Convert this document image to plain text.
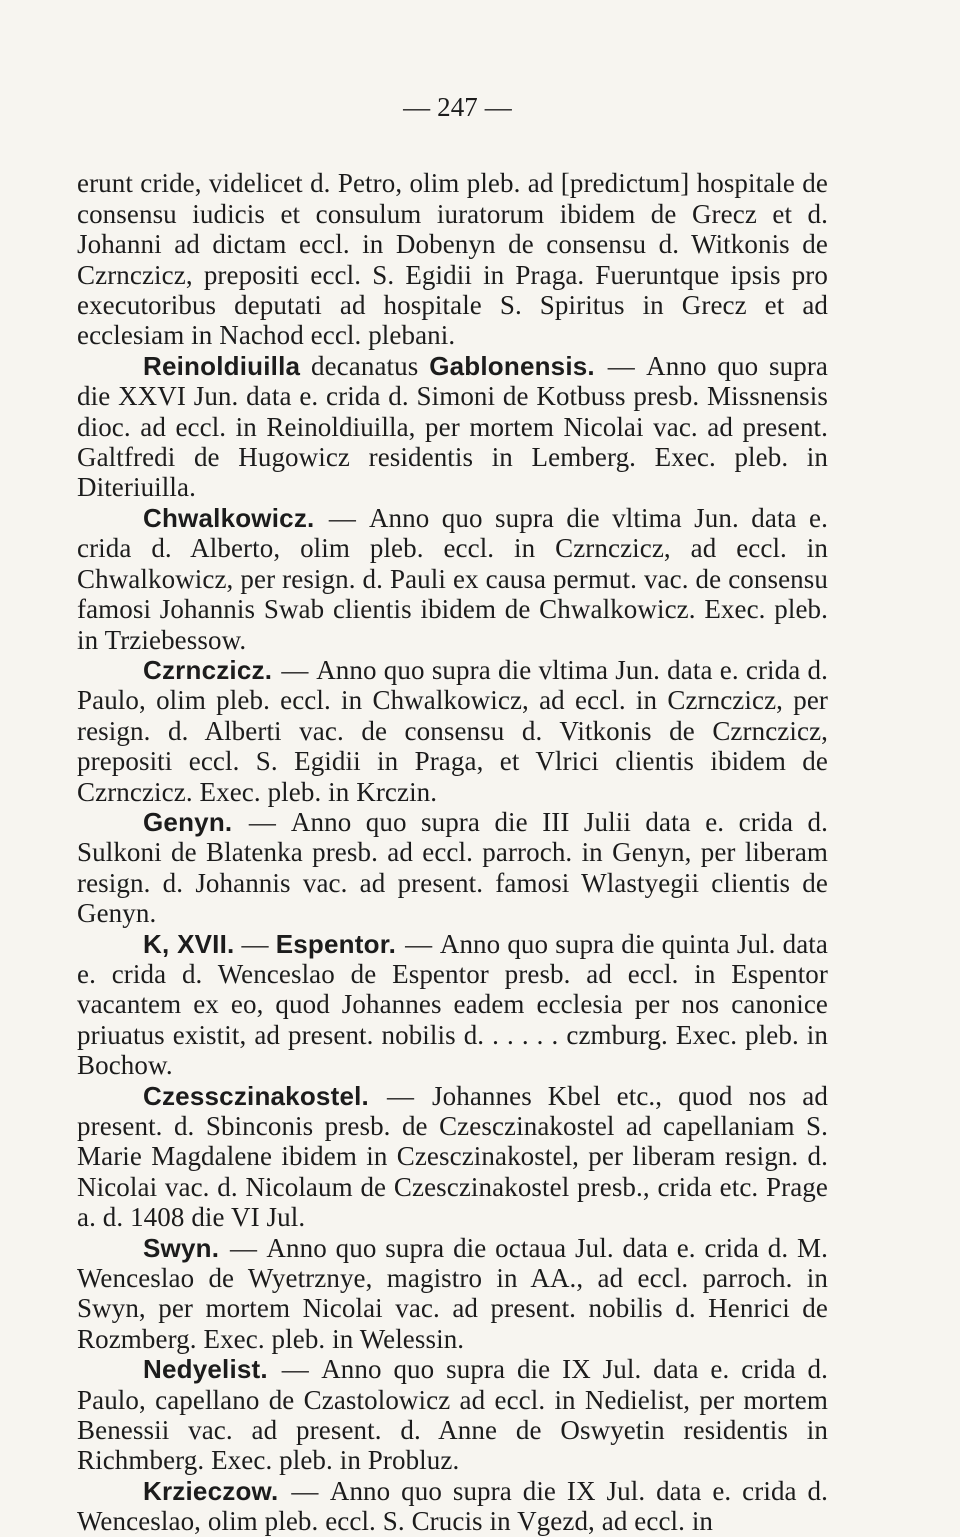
— 247 —

erunt cride, videlicet d. Petro, olim pleb. ad [predictum] hospitale de consensu iudicis et consulum iuratorum ibidem de Grecz et d. Johanni ad dictam eccl. in Dobenyn de consensu d. Witkonis de Czrnczicz, prepositi eccl. S. Egidii in Praga. Fueruntque ipsis pro executoribus deputati ad hospitale S. Spiritus in Grecz et ad ecclesiam in Nachod eccl. plebani.

Reinoldiuilla decanatus Gablonensis. — Anno quo supra die XXVI Jun. data e. crida d. Simoni de Kotbuss presb. Missnensis dioc. ad eccl. in Reinoldiuilla, per mortem Nicolai vac. ad present. Galtfredi de Hugowicz residentis in Lemberg. Exec. pleb. in Diteriuilla.

Chwalkowicz. — Anno quo supra die vltima Jun. data e. crida d. Alberto, olim pleb. eccl. in Czrnczicz, ad eccl. in Chwalkowicz, per resign. d. Pauli ex causa permut. vac. de consensu famosi Johannis Swab clientis ibidem de Chwalkowicz. Exec. pleb. in Trziebessow.

Czrnczicz. — Anno quo supra die vltima Jun. data e. crida d. Paulo, olim pleb. eccl. in Chwalkowicz, ad eccl. in Czrnczicz, per resign. d. Alberti vac. de consensu d. Vitkonis de Czrnczicz, prepositi eccl. S. Egidii in Praga, et Vlrici clientis ibidem de Czrnczicz. Exec. pleb. in Krczin.

Genyn. — Anno quo supra die III Julii data e. crida d. Sulkoni de Blatenka presb. ad eccl. parroch. in Genyn, per liberam resign. d. Johannis vac. ad present. famosi Wlastyegii clientis de Genyn.

K, XVII. — Espentor. — Anno quo supra die quinta Jul. data e. crida d. Wenceslao de Espentor presb. ad eccl. in Espentor vacantem ex eo, quod Johannes eadem ecclesia per nos canonice priuatus existit, ad present. nobilis d. . . . . . czmburg. Exec. pleb. in Bochow.

Czessczinakostel. — Johannes Kbel etc., quod nos ad present. d. Sbinconis presb. de Czesczinakostel ad capellaniam S. Marie Magdalene ibidem in Czesczinakostel, per liberam resign. d. Nicolai vac. d. Nicolaum de Czesczinakostel presb., crida etc. Prage a. d. 1408 die VI Jul.

Swyn. — Anno quo supra die octaua Jul. data e. crida d. M. Wenceslao de Wyetrznye, magistro in AA., ad eccl. parroch. in Swyn, per mortem Nicolai vac. ad present. nobilis d. Henrici de Rozmberg. Exec. pleb. in Welessin.

Nedyelist. — Anno quo supra die IX Jul. data e. crida d. Paulo, capellano de Czastolowicz ad eccl. in Nedielist, per mortem Benessii vac. ad present. d. Anne de Oswyetin residentis in Richmberg. Exec. pleb. in Probluz.

Krzieczow. — Anno quo supra die IX Jul. data e. crida d. Wenceslao, olim pleb. eccl. S. Crucis in Vgezd, ad eccl. in
